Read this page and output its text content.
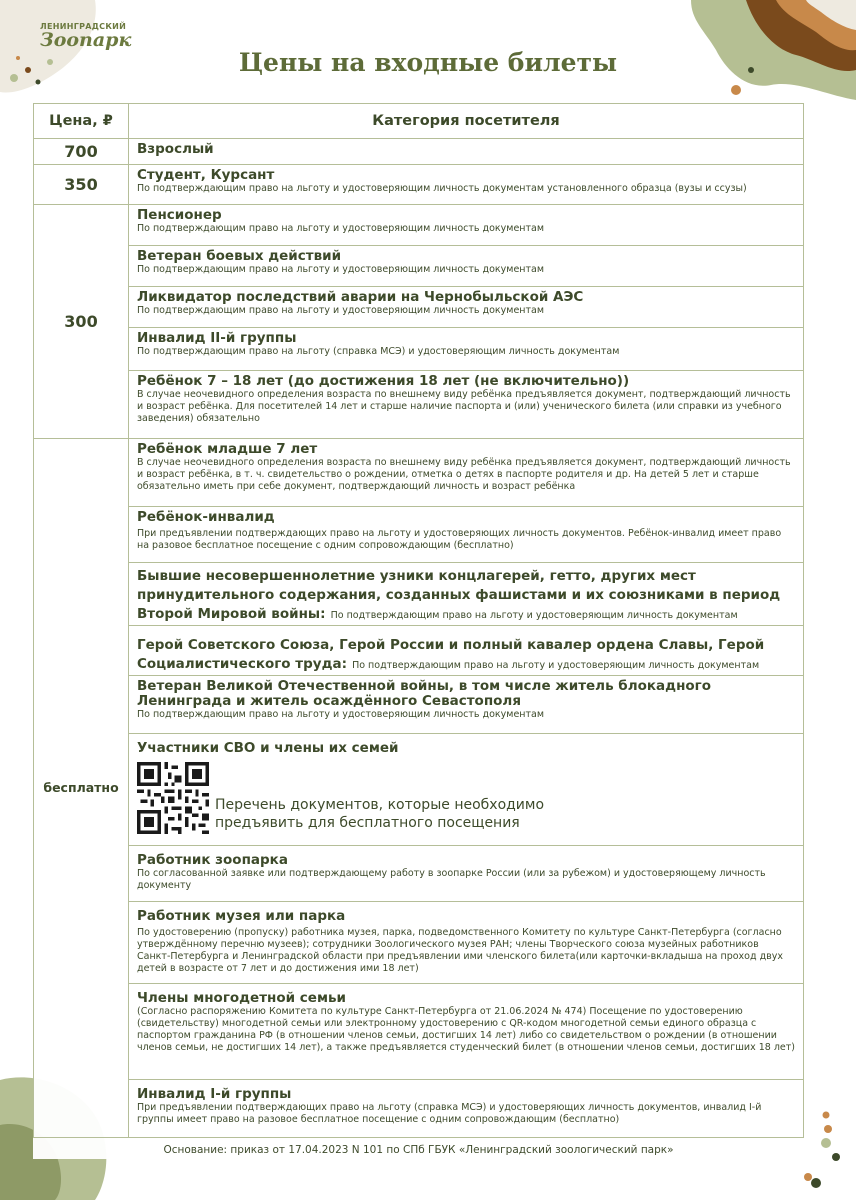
ЛЕНИНГРАДСКИЙ
Зоопарк
Цены на входные билеты
Цена, ₽	Категория посетителя
700	Взрослый

350	Студент, Курсант
По подтверждающим право на льготу и удостоверяющим личность документам установленного образца (вузы и ссузы)

300	Пенсионер
По подтверждающим право на льготу и удостоверяющим личность документам

	Ветеран боевых действий
По подтверждающим право на льготу и удостоверяющим личность документам

	Ликвидатор последствий аварии на Чернобыльской АЭС
По подтверждающим право на льготу и удостоверяющим личность документам

	Инвалид II-й группы
По подтверждающим право на льготу (справка МСЭ) и удостоверяющим личность документам

	Ребёнок 7 – 18 лет (до достижения 18 лет (не включительно))
В случае неочевидного определения возраста по внешнему виду ребёнка предъявляется документ, подтверждающий личность и возраст ребёнка. Для посетителей 14 лет и старше наличие паспорта и (или) ученического билета (или справки из учебного заведения) обязательно

бесплатно	Ребёнок младше 7 лет
В случае неочевидного определения возраста по внешнему виду ребёнка предъявляется документ, подтверждающий личность и возраст ребёнка, в т. ч. свидетельство о рождении, отметка о детях в паспорте родителя и др. На детей 5 лет и старше обязательно иметь при себе документ, подтверждающий личность и возраст ребёнка

	Ребёнок-инвалид
При предъявлении подтверждающих право на льготу и удостоверяющих личность документов. Ребёнок-инвалид имеет право на разовое бесплатное посещение с одним сопровождающим (бесплатно)

	Бывшие несовершеннолетние узники концлагерей, гетто, других мест принудительного содержания, созданных фашистами и их союзниками в период Второй Мировой войны: По подтверждающим право на льготу и удостоверяющим личность документам
	Герой Советского Союза, Герой России и полный кавалер ордена Славы, Герой Социалистического труда: По подтверждающим право на льготу и удостоверяющим личность документам

	Ветеран Великой Отечественной войны, в том числе житель блокадного Ленинграда и житель осаждённого Севастополя
По подтверждающим право на льготу и удостоверяющим личность документам

	Участники СВО и члены их семей
Перечень документов, которые необходимо
предъявить для бесплатного посещения

	Работник зоопарка
По согласованной заявке или подтверждающему работу в зоопарке России (или за рубежом) и удостоверяющему личность документу

	Работник музея или парка
По удостоверению (пропуску) работника музея, парка, подведомственного Комитету по культуре Санкт-Петербурга (согласно утверждённому перечню музеев); сотрудники Зоологического музея РАН; члены Творческого союза музейных работников Санкт-Петербурга и Ленинградской области при предъявлении ими членского билета(или карточки-вкладыша на проход двух детей в возрасте от 7 лет и до достижения ими 18 лет)

	Члены многодетной семьи
(Согласно распоряжению Комитета по культуре Санкт-Петербурга от 21.06.2024 № 474) Посещение по удостоверению (свидетельству) многодетной семьи или электронному удостоверению с QR-кодом многодетной семьи единого образца с паспортом гражданина РФ (в отношении членов семьи, достигших 14 лет) либо со свидетельством о рождении (в отношении членов семьи, не достигших 14 лет), а также предъявляется студенческий билет (в отношении членов семьи, достигших 18 лет)

	Инвалид I-й группы
При предъявлении подтверждающих право на льготу (справка МСЭ) и удостоверяющих личность документов, инвалид I-й группы имеет право на разовое бесплатное посещение с одним сопровождающим (бесплатно)

Основание: приказ от 17.04.2023 N 101 по СПб ГБУК «Ленинградский зоологический парк»	
